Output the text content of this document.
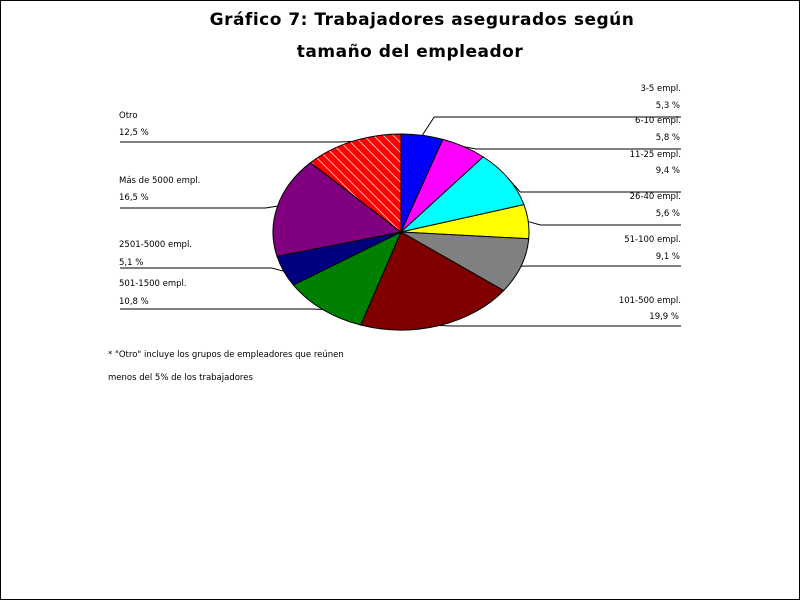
Gráfico 7: Trabajadores asegurados según
tamaño del empleador
3-5 empl.
5,3 %
6-10 empl.
5,8 %
11-25 empl.
9,4 %
26-40 empl.
5,6 %
51-100 empl.
9,1 %
101-500 empl.
19,9 %
501-1500 empl.
10,8 %
2501-5000 empl.
5,1 %
Más de 5000 empl.
16,5 %
Otro
12,5 %
* "Otro" incluye los grupos de empleadores que reúnen
menos del 5% de los trabajadores
